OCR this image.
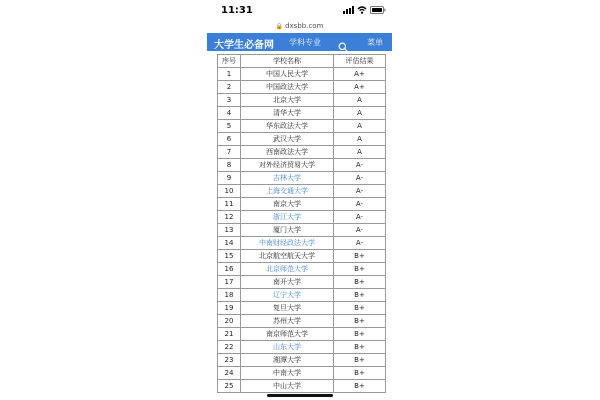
11:31
🔒 dxsbb.com
大学生必备网 学科专业	菜单
序号	学校名称	评估结果
1	中国人民大学	A+
2	中国政法大学	A+
3	北京大学	A
4	清华大学	A
5	华东政法大学	A
6	武汉大学	A
7	西南政法大学	A
8	对外经济贸易大学	A-
9	吉林大学	A-
10	上海交通大学	A-
11	南京大学	A-
12	浙江大学	A-
13	厦门大学	A-
14	中南财经政法大学	A-
15	北京航空航天大学	B+
16	北京师范大学	B+
17	南开大学	B+
18	辽宁大学	B+
19	复旦大学	B+
20	苏州大学	B+
21	南京师范大学	B+
22	山东大学	B+
23	湘潭大学	B+
24	中南大学	B+
25	中山大学	B+
